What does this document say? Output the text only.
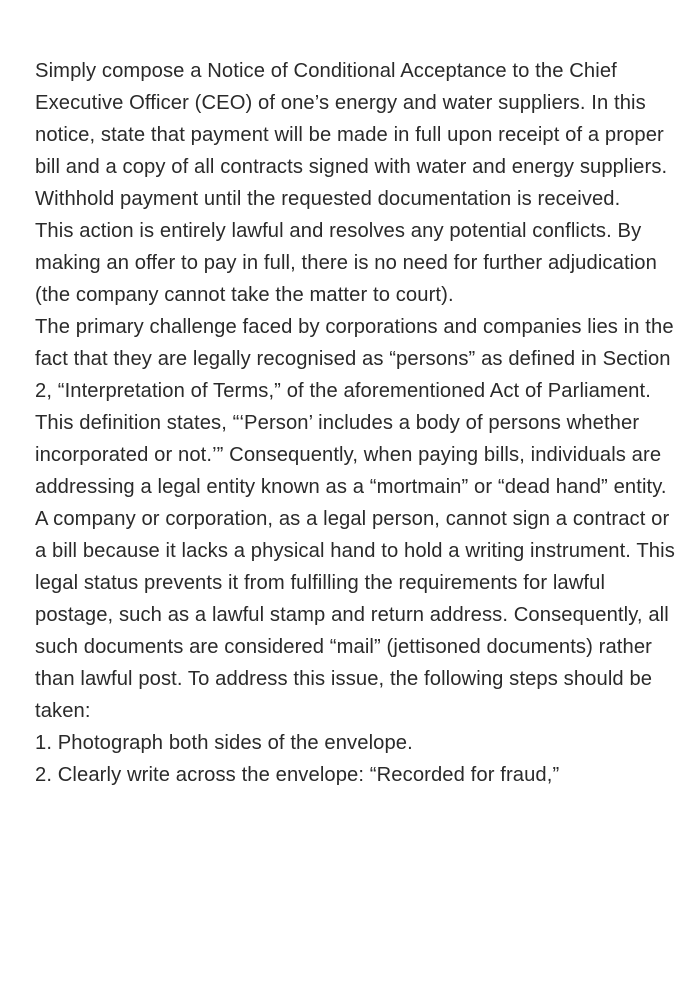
Simply compose a Notice of Conditional Acceptance to the Chief Executive Officer (CEO) of one’s energy and water suppliers. In this notice, state that payment will be made in full upon receipt of a proper bill and a copy of all contracts signed with water and energy suppliers. Withhold payment until the requested documentation is received.

This action is entirely lawful and resolves any potential conflicts. By making an offer to pay in full, there is no need for further adjudication (the company cannot take the matter to court).

The primary challenge faced by corporations and companies lies in the fact that they are legally recognised as “persons” as defined in Section 2, “Interpretation of Terms,” of the aforementioned Act of Parliament. This definition states, “‘Person’ includes a body of persons whether incorporated or not.’” Consequently, when paying bills, individuals are addressing a legal entity known as a “mortmain” or “dead hand” entity.

A company or corporation, as a legal person, cannot sign a contract or a bill because it lacks a physical hand to hold a writing instrument. This legal status prevents it from fulfilling the requirements for lawful postage, such as a lawful stamp and return address. Consequently, all such documents are considered “mail” (jettisoned documents) rather than lawful post. To address this issue, the following steps should be taken:

1. Photograph both sides of the envelope.

2. Clearly write across the envelope: “Recorded for fraud,”
